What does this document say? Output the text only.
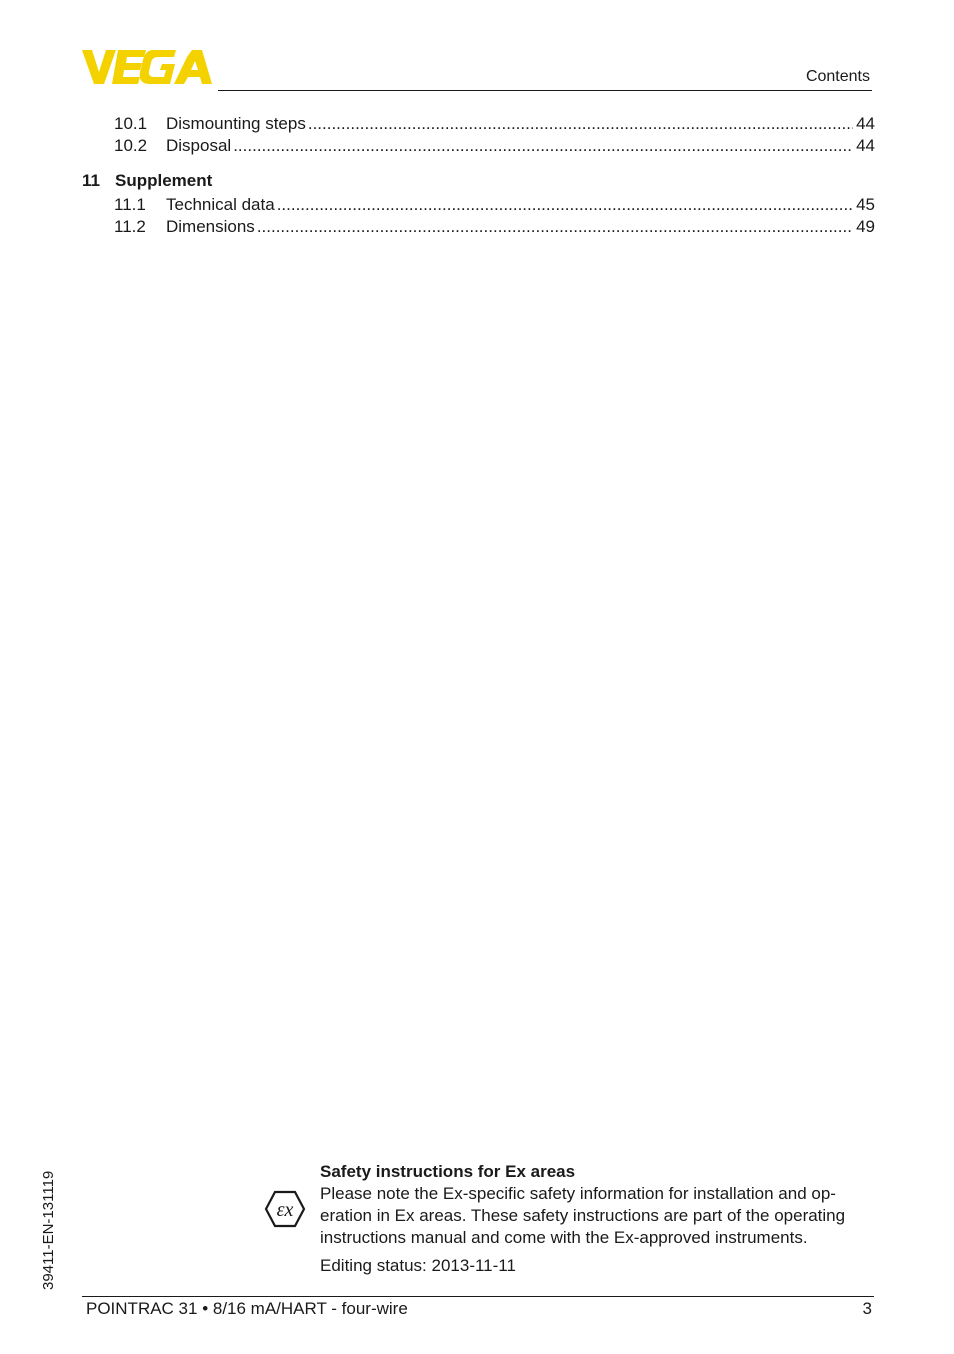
Contents
10.1	Dismounting steps .....	44
10.2	Disposal .....	44
11 Supplement
11.1	Technical data .....	45
11.2	Dimensions .....	49
39411-EN-131119	εx
Safety instructions for Ex areas
Please note the Ex-specific safety information for installation and op-eration in Ex areas. These safety instructions are part of the operating instructions manual and come with the Ex-approved instruments.
Editing status: 2013-11-11
POINTRAC 31 • 8/16 mA/HART - four-wire	3
